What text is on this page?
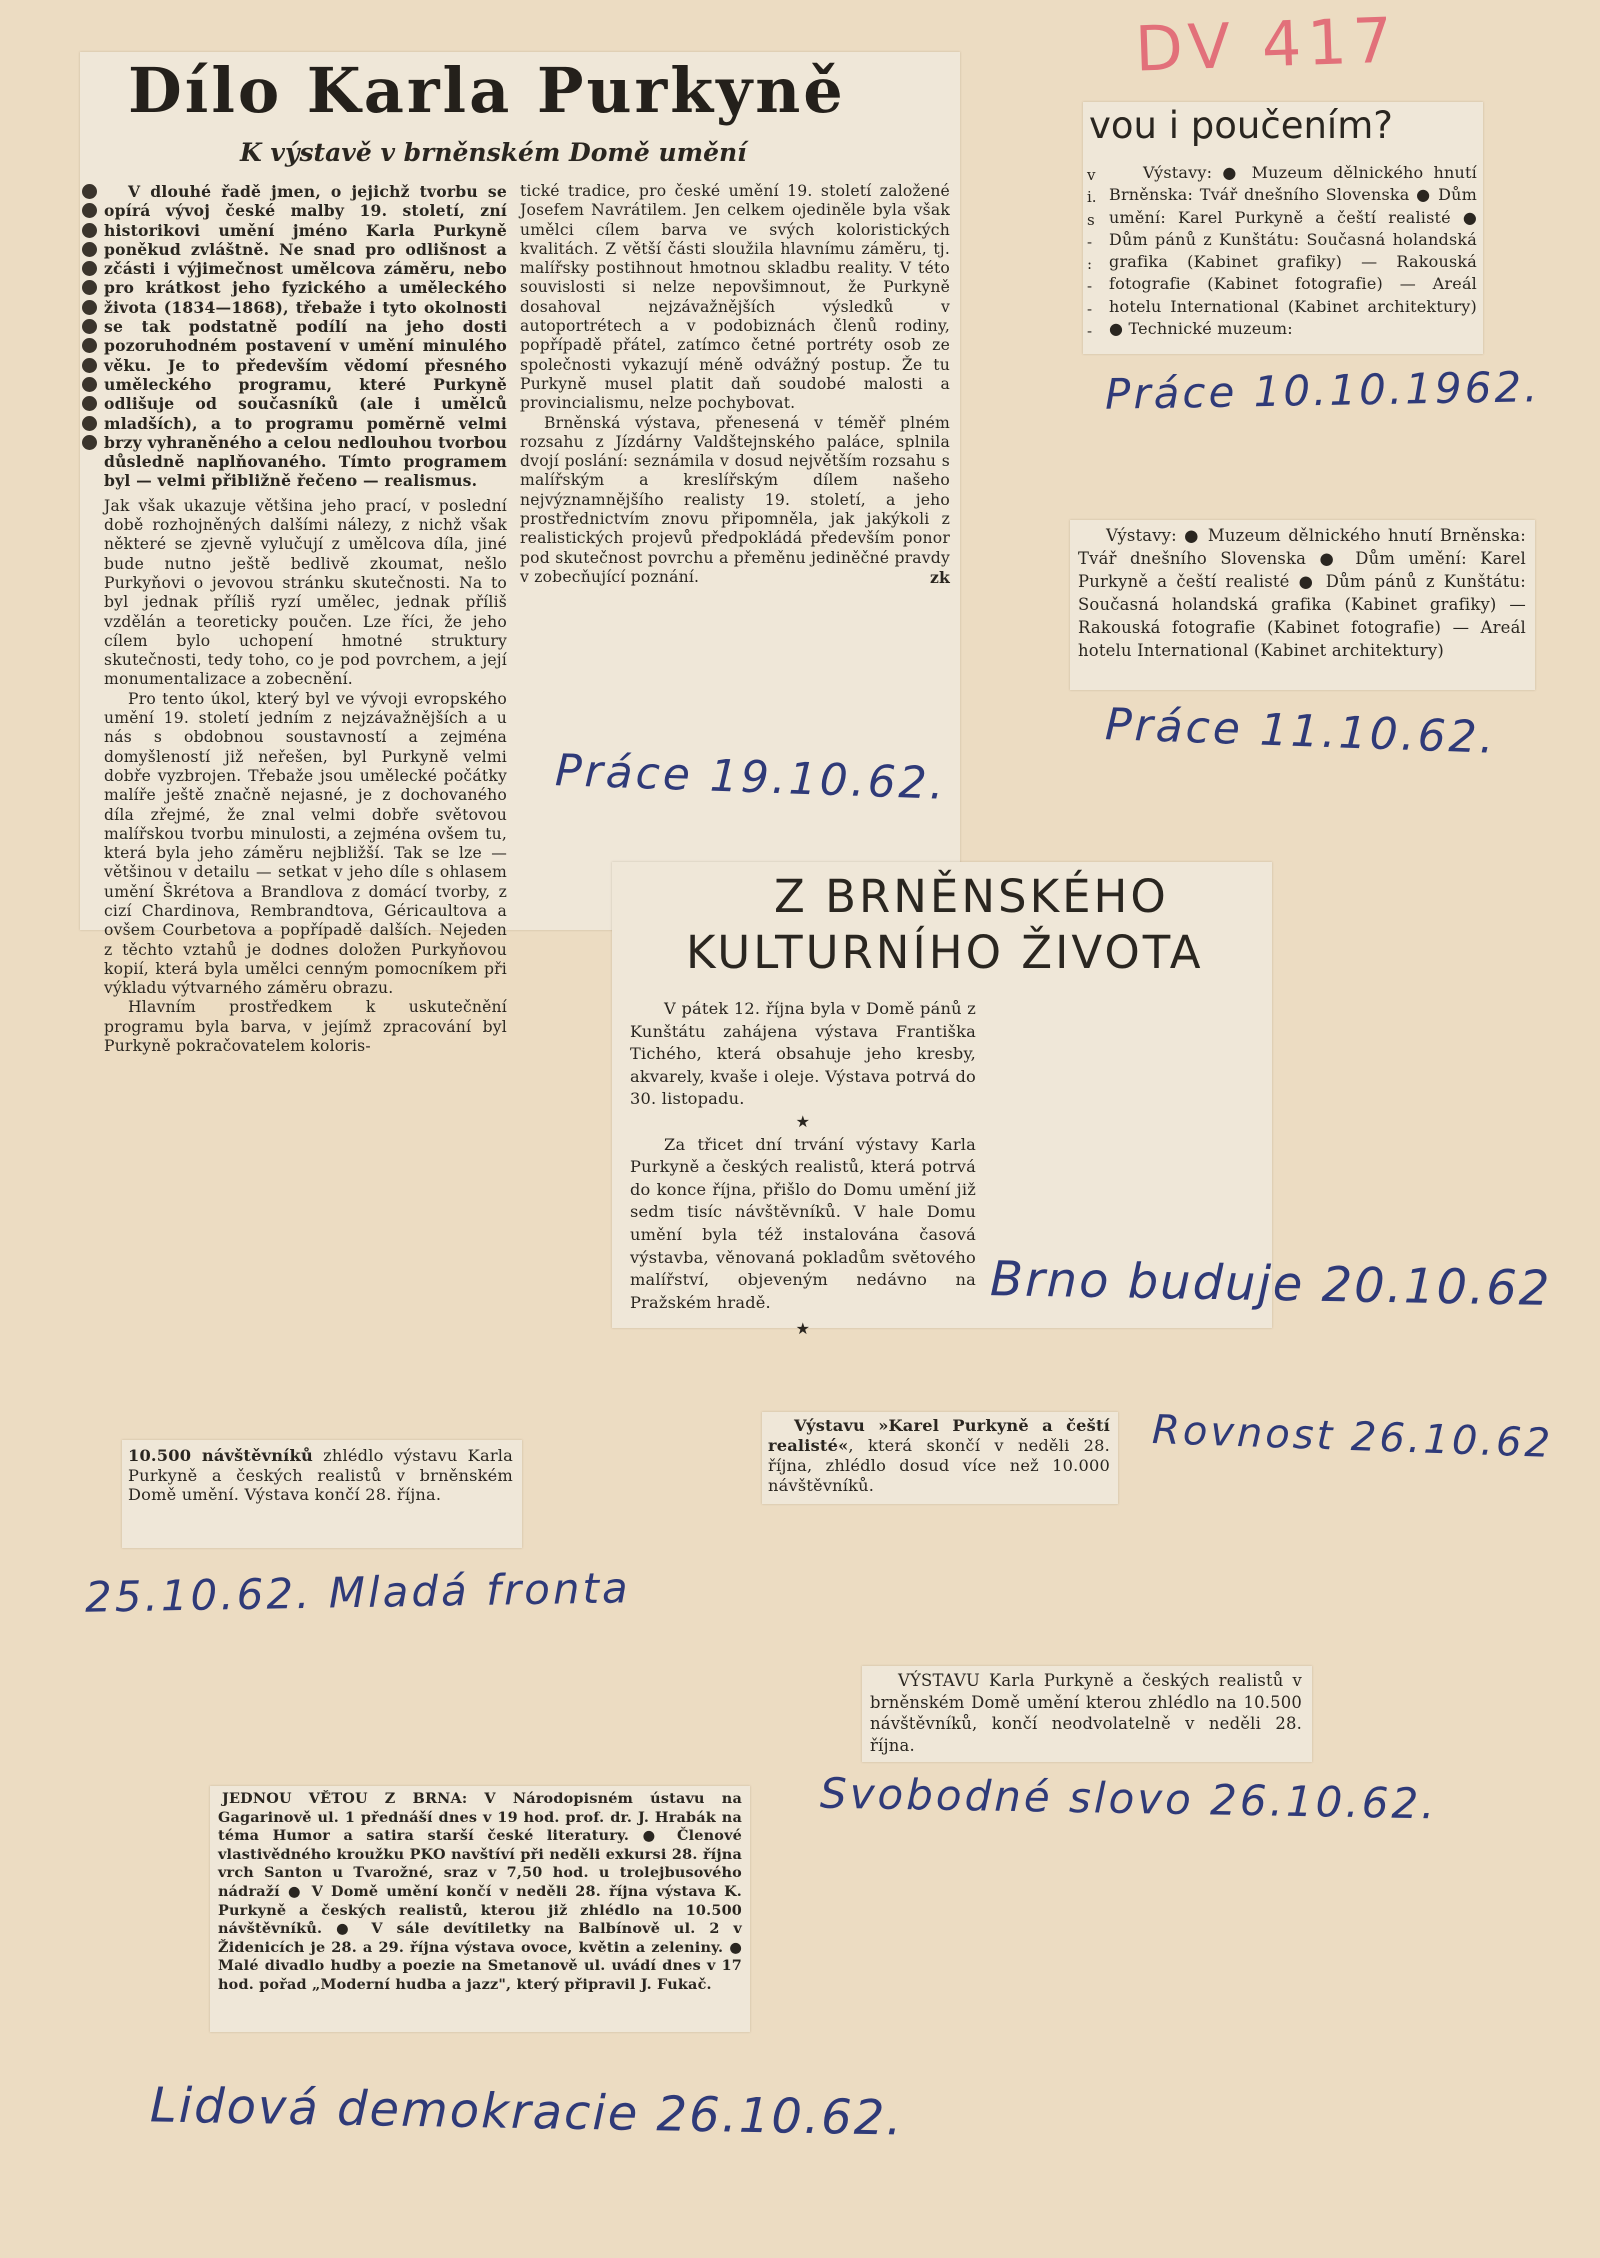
DV 417
Dílo Karla Purkyně
K výstavě v brněnském Domě umění

V dlouhé řadě jmen, o jejichž tvorbu se opírá vývoj české malby 19. století, zní historikovi umění jméno Karla Purkyně poněkud zvláštně. Ne snad pro odlišnost a zčásti i výjimečnost umělcova záměru, nebo pro krátkost jeho fyzického a uměleckého života (1834—1868), třebaže i tyto okolnosti se tak podstatně podílí na jeho dosti pozoruhodném postavení v umění minulého věku. Je to především vědomí přesného uměleckého programu, které Purkyně odlišuje od současníků (ale i umělců mladších), a to programu poměrně velmi brzy vyhraněného a celou nedlouhou tvorbou důsledně naplňovaného. Tímto programem byl — velmi přibližně řečeno — realismus.

Jak však ukazuje většina jeho prací, v poslední době rozhojněných dalšími nálezy, z nichž však některé se zjevně vylučují z umělcova díla, jiné bude nutno ještě bedlivě zkoumat, nešlo Purkyňovi o jevovou stránku skutečnosti. Na to byl jednak příliš ryzí umělec, jednak příliš vzdělán a teoreticky poučen. Lze říci, že jeho cílem bylo uchopení hmotné struktury skutečnosti, tedy toho, co je pod povrchem, a její monumentalizace a zobecnění.

Pro tento úkol, který byl ve vývoji evropského umění 19. století jedním z nejzávažnějších a u nás s obdobnou soustavností a zejména domyšleností již neřešen, byl Purkyně velmi dobře vyzbrojen. Třebaže jsou umělecké počátky malíře ještě značně nejasné, je z dochovaného díla zřejmé, že znal velmi dobře světovou malířskou tvorbu minulosti, a zejména ovšem tu, která byla jeho záměru nejbližší. Tak se lze — většinou v detailu — setkat v jeho díle s ohlasem umění Škrétova a Brandlova z domácí tvorby, z cizí Chardinova, Rembrandtova, Géricaultova a ovšem Courbetova a popřípadě dalších. Nejeden z těchto vztahů je dodnes doložen Purkyňovou kopií, která byla umělci cenným pomocníkem při výkladu výtvarného záměru obrazu.

Hlavním prostředkem k uskutečnění programu byla barva, v jejímž zpracování byl Purkyně pokračovatelem koloris-

tické tradice, pro české umění 19. století založené Josefem Navrátilem. Jen celkem ojediněle byla však umělci cílem barva ve svých koloristických kvalitách. Z větší části sloužila hlavnímu záměru, tj. malířsky postihnout hmotnou skladbu reality. V této souvislosti si nelze nepovšimnout, že Purkyně dosahoval nejzávažnějších výsledků v autoportrétech a v podobiznách členů rodiny, popřípadě přátel, zatímco četné portréty osob ze společnosti vykazují méně odvážný postup. Že tu Purkyně musel platit daň soudobé malosti a provincialismu, nelze pochybovat.

Brněnská výstava, přenesená v téměř plném rozsahu z Jízdárny Valdštejnského paláce, splnila dvojí poslání: seznámila v dosud největším rozsahu s malířským a kreslířským dílem našeho nejvýznamnějšího realisty 19. století, a jeho prostřednictvím znovu připomněla, jak jakýkoli z realistických projevů předpokládá především ponor pod skutečnost povrchu a přeměnu jediněčné pravdy v zobecňující poznání.	zk

vou i poučením?
v
i.
s
-
:
-
-
-

Výstavy: ● Muzeum dělnického hnutí Brněnska: Tvář dnešního Slovenska ● Dům umění: Karel Purkyně a čeští realisté ● Dům pánů z Kunštátu: Současná holandská grafika (Kabinet grafiky) — Rakouská fotografie (Kabinet fotografie) — Areál hotelu International (Kabinet architektury) ● Technické muzeum:

Práce 10.10.1962.

Výstavy: ● Muzeum dělnického hnutí Brněnska: Tvář dnešního Slovenska ● Dům umění: Karel Purkyně a čeští realisté ● Dům pánů z Kunštátu: Současná holandská grafika (Kabinet grafiky) — Rakouská fotografie (Kabinet fotografie) — Areál hotelu International (Kabinet architektury)

Práce 11.10.62.
Práce 19.10.62.
Z BRNĚNSKÉHO
KULTURNÍHO ŽIVOTA

V pátek 12. října byla v Domě pánů z Kunštátu zahájena výstava Františka Tichého, která obsahuje jeho kresby, akvarely, kvaše i oleje. Výstava potrvá do 30. listopadu.

★

Za třicet dní trvání výstavy Karla Purkyně a českých realistů, která potrvá do konce října, přišlo do Domu umění již sedm tisíc návštěvníků. V hale Domu umění byla též instalována časová výstavba, věnovaná pokladům světového malířství, objeveným nedávno na Pražském hradě.

★

Brno buduje 20.10.62

10.500 návštěvníků zhlédlo výstavu Karla Purkyně a českých realistů v brněnském Domě umění. Výstava končí 28. října.

Výstavu »Karel Purkyně a čeští realisté«, která skončí v neděli 28. října, zhlédlo dosud více než 10.000 návštěvníků.

Rovnost 26.10.62
25.10.62. Mladá fronta

VÝSTAVU Karla Purkyně a českých realistů v brněnském Domě umění kterou zhlédlo na 10.500 návštěvníků, končí neodvolatelně v neděli 28. října.

Svobodné slovo 26.10.62.

JEDNOU VĚTOU Z BRNA: V Národopisném ústavu na Gagarinově ul. 1 přednáší dnes v 19 hod. prof. dr. J. Hrabák na téma Humor a satira starší české literatury. ● Členové vlastivědného kroužku PKO navštíví při neděli exkursi 28. října vrch Santon u Tvarožné, sraz v 7,50 hod. u trolejbusového nádraží ● V Domě umění končí v neděli 28. října výstava K. Purkyně a českých realistů, kterou již zhlédlo na 10.500 návštěvníků. ● V sále devítiletky na Balbínově ul. 2 v Židenicích je 28. a 29. října výstava ovoce, květin a zeleniny. ● Malé divadlo hudby a poezie na Smetanově ul. uvádí dnes v 17 hod. pořad „Moderní hudba a jazz", který připravil J. Fukač.

Lidová demokracie 26.10.62.
